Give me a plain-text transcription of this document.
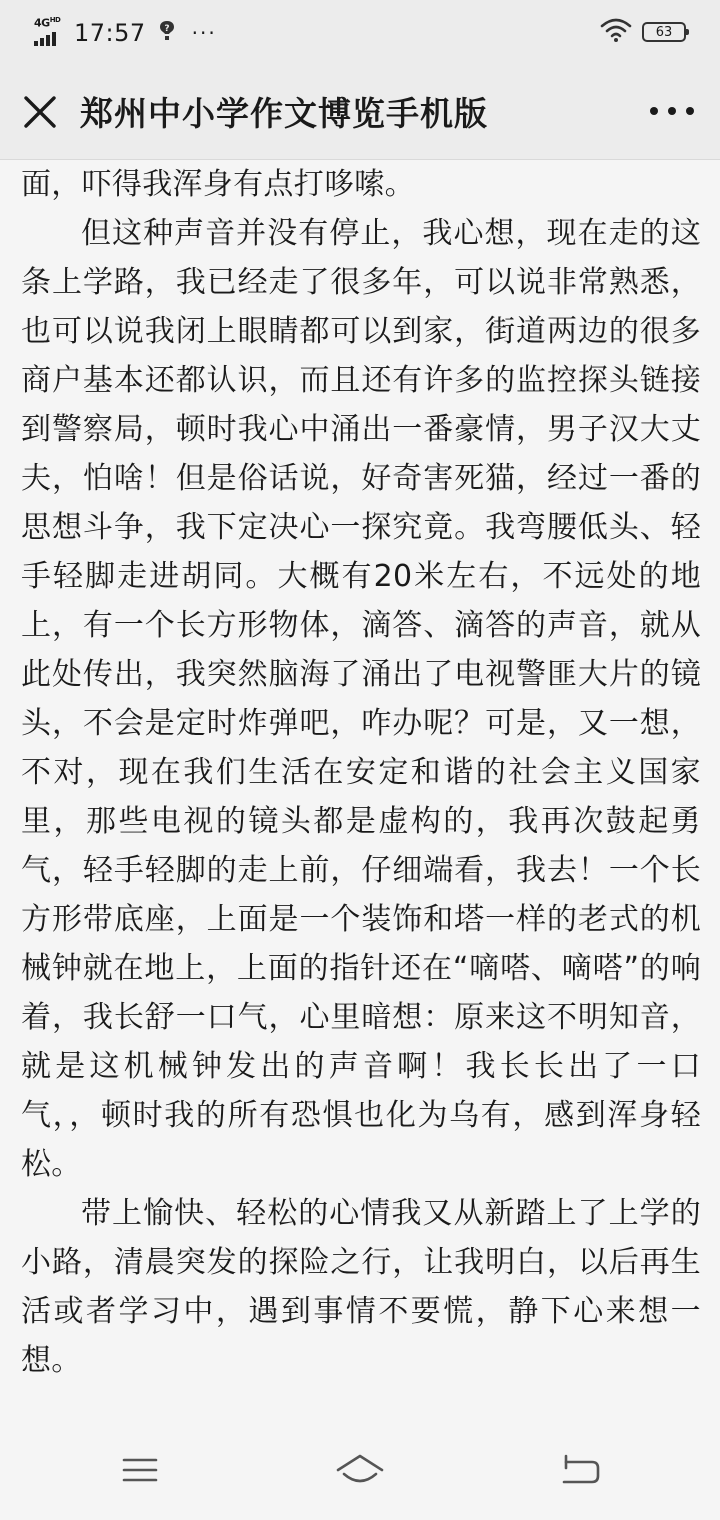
$4G^{HD}$ 17:57 ? ···	63
郑州中小学作文博览手机版

面，吓得我浑身有点打哆嗦。

但这种声音并没有停止，我心想，现在走的这条上学路，我已经走了很多年，可以说非常熟悉，也可以说我闭上眼睛都可以到家，街道两边的很多商户基本还都认识，而且还有许多的监控探头链接到警察局，顿时我心中涌出一番豪情，男子汉大丈夫，怕啥！但是俗话说，好奇害死猫，经过一番的思想斗争，我下定决心一探究竟。我弯腰低头、轻手轻脚走进胡同。大概有20米左右，不远处的地上，有一个长方形物体，滴答、滴答的声音，就从此处传出，我突然脑海了涌出了电视警匪大片的镜头，不会是定时炸弹吧，咋办呢？可是，又一想，不对，现在我们生活在安定和谐的社会主义国家里，那些电视的镜头都是虚构的，我再次鼓起勇气，轻手轻脚的走上前，仔细端看，我去！一个长方形带底座，上面是一个装饰和塔一样的老式的机械钟就在地上，上面的指针还在“嘀嗒、嘀嗒”的响着，我长舒一口气，心里暗想：原来这不明知音，就是这机械钟发出的声音啊！我长长出了一口气，，顿时我的所有恐惧也化为乌有，感到浑身轻松。

带上愉快、轻松的心情我又从新踏上了上学的小路，清晨突发的探险之行，让我明白，以后再生活或者学习中，遇到事情不要慌，静下心来想一想。
